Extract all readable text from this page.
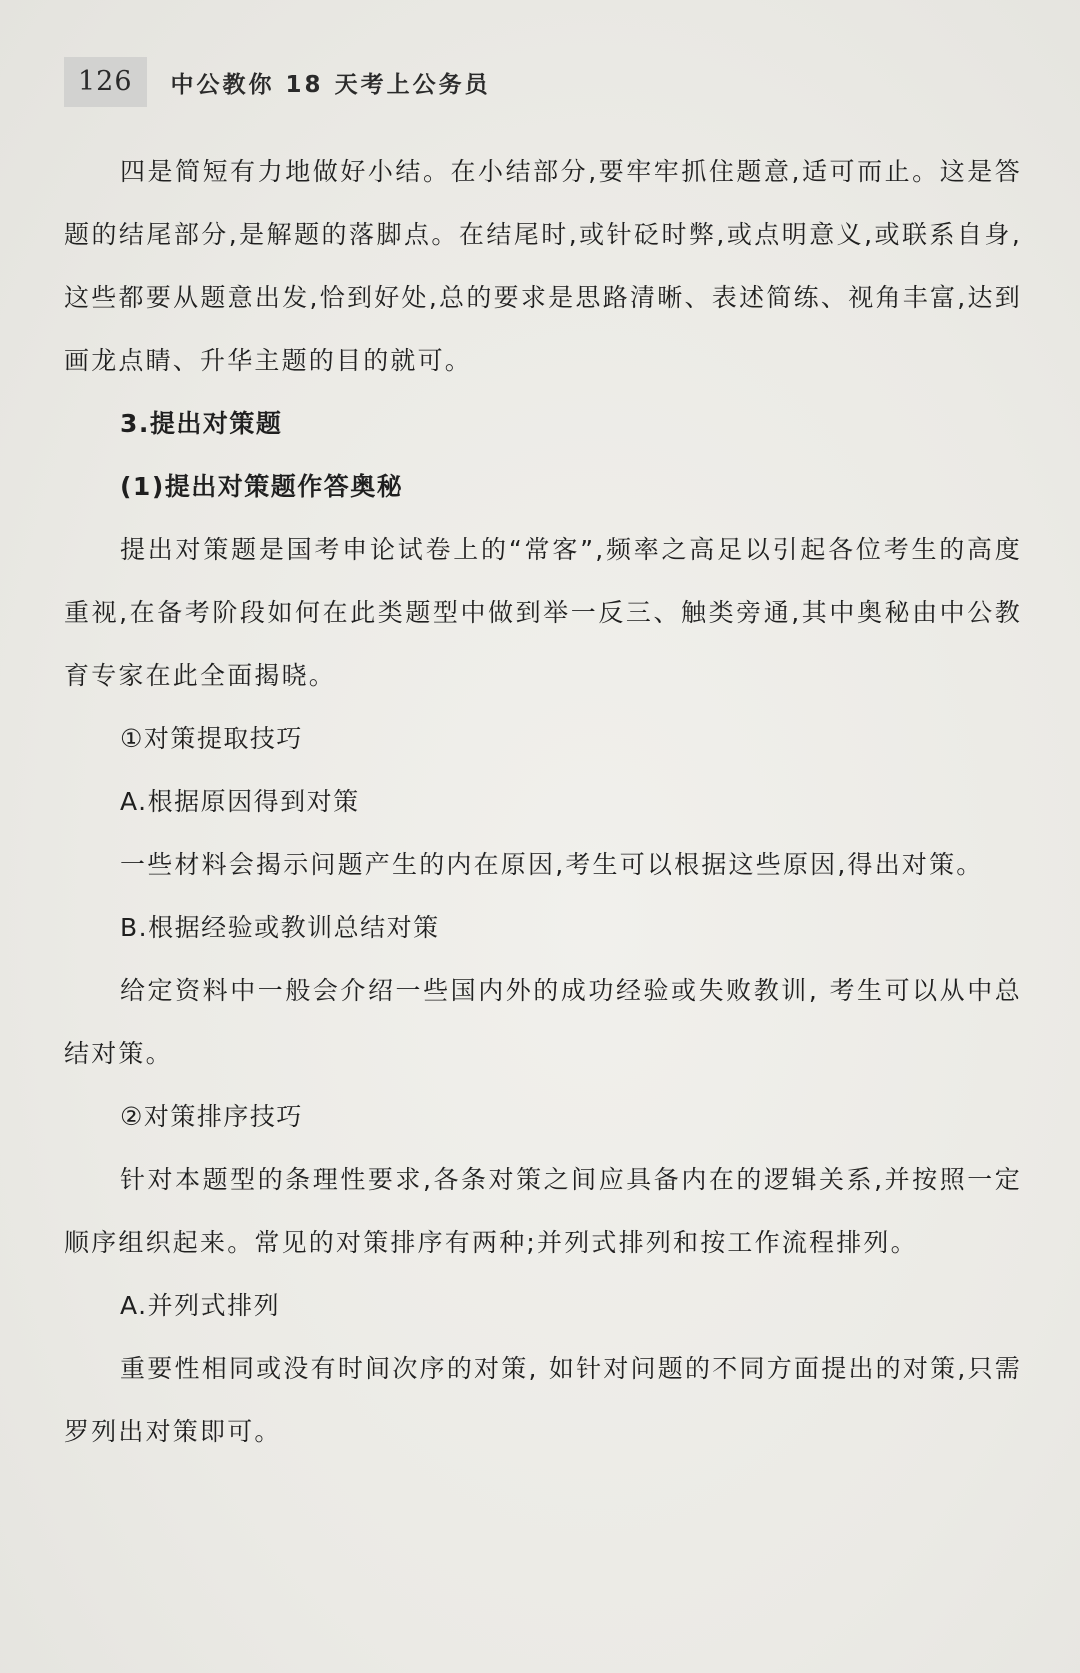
126	中公教你 18 天考上公务员

四是简短有力地做好小结。在小结部分,要牢牢抓住题意,适可而止。这是答题的结尾部分,是解题的落脚点。在结尾时,或针砭时弊,或点明意义,或联系自身,这些都要从题意出发,恰到好处,总的要求是思路清晰、表述简练、视角丰富,达到画龙点睛、升华主题的目的就可。

3.提出对策题

(1)提出对策题作答奥秘

提出对策题是国考申论试卷上的“常客”,频率之高足以引起各位考生的高度重视,在备考阶段如何在此类题型中做到举一反三、触类旁通,其中奥秘由中公教育专家在此全面揭晓。

①对策提取技巧

A.根据原因得到对策

一些材料会揭示问题产生的内在原因,考生可以根据这些原因,得出对策。

B.根据经验或教训总结对策

给定资料中一般会介绍一些国内外的成功经验或失败教训, 考生可以从中总结对策。

②对策排序技巧

针对本题型的条理性要求,各条对策之间应具备内在的逻辑关系,并按照一定顺序组织起来。常见的对策排序有两种;并列式排列和按工作流程排列。

A.并列式排列

重要性相同或没有时间次序的对策, 如针对问题的不同方面提出的对策,只需罗列出对策即可。
